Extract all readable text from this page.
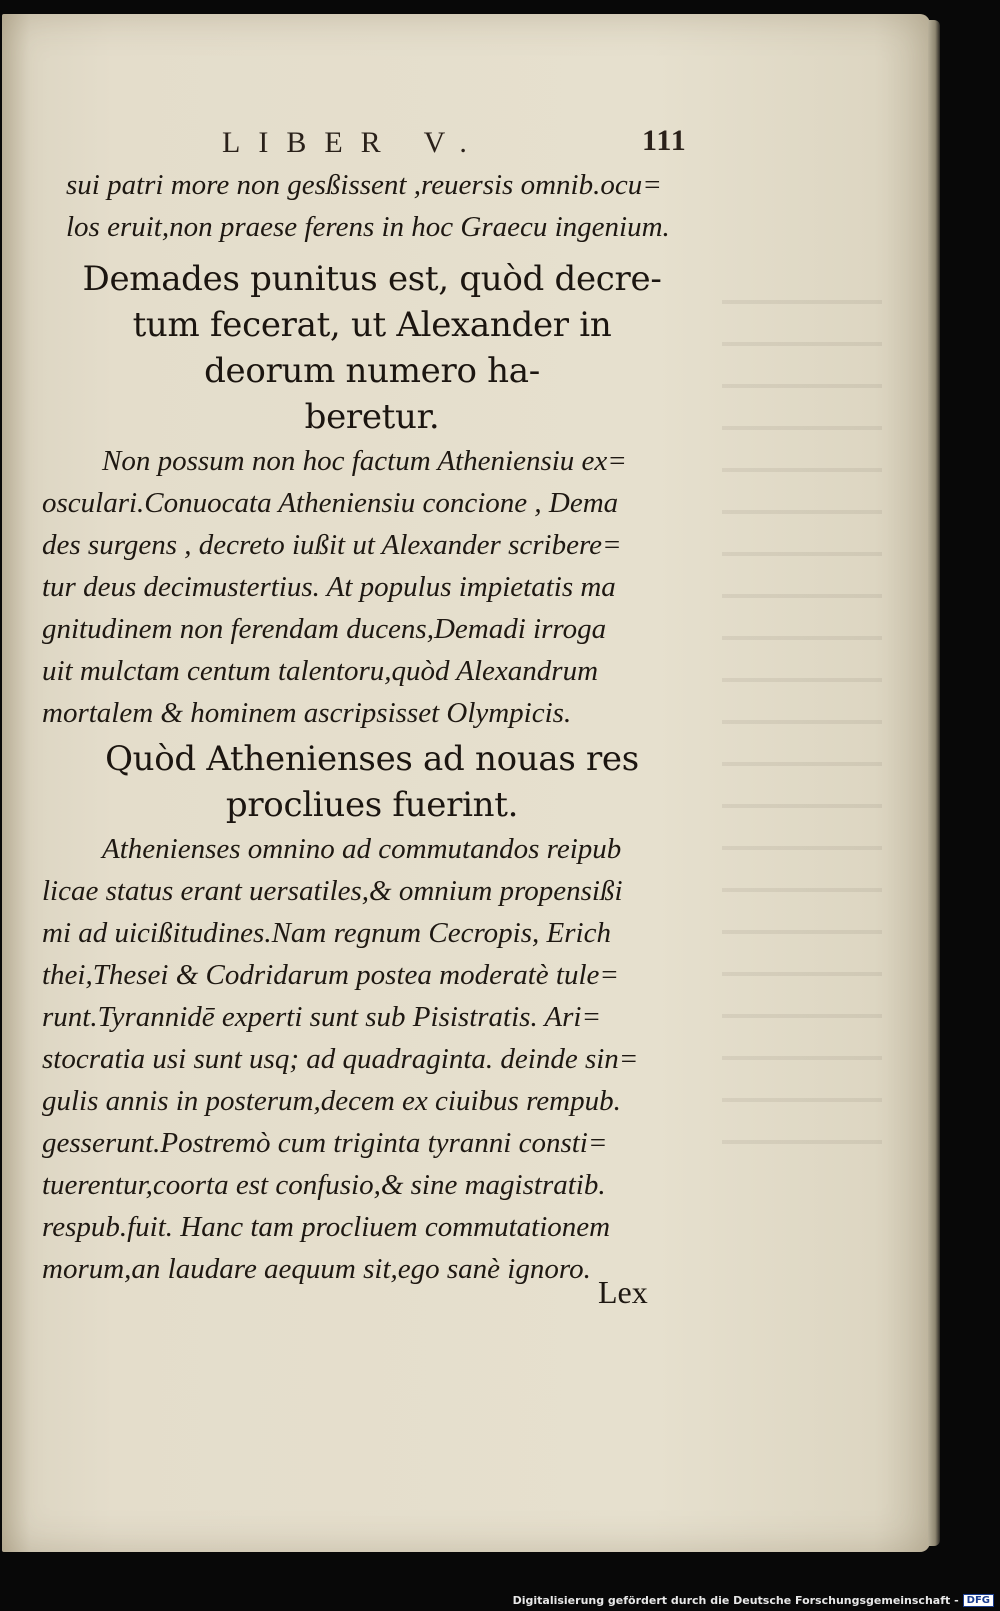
LIBER V.	111
sui patri more non gesßissent ,reuersis omnib.ocu=
los eruit,non praese ferens in hoc Graecu ingenium.
Demades punitus est, quòd decre-
tum fecerat, ut Alexander in
deorum numero ha-
beretur.
Non possum non hoc factum Atheniensiu ex=
osculari.Conuocata Atheniensiu concione , Dema
des surgens , decreto iußit ut Alexander scribere=
tur deus decimustertius. At populus impietatis ma
gnitudinem non ferendam ducens,Demadi irroga
uit mulctam centum talentoru,quòd Alexandrum
mortalem & hominem ascripsisset Olympicis.
Quòd Athenienses ad nouas res
procliues fuerint.
Athenienses omnino ad commutandos reipub
licae status erant uersatiles,& omnium propensißi
mi ad uicißitudines.Nam regnum Cecropis, Erich
thei,Thesei & Codridarum postea moderatè tule=
runt.Tyrannidē experti sunt sub Pisistratis. Ari=
stocratia usi sunt usq; ad quadraginta. deinde sin=
gulis annis in posterum,decem ex ciuibus rempub.
gesserunt.Postremò cum triginta tyranni consti=
tuerentur,coorta est confusio,& sine magistratib.
respub.fuit. Hanc tam procliuem commutationem
morum,an laudare aequum sit,ego sanè ignoro.
Lex
Digitalisierung gefördert durch die Deutsche Forschungsgemeinschaft - DFG
